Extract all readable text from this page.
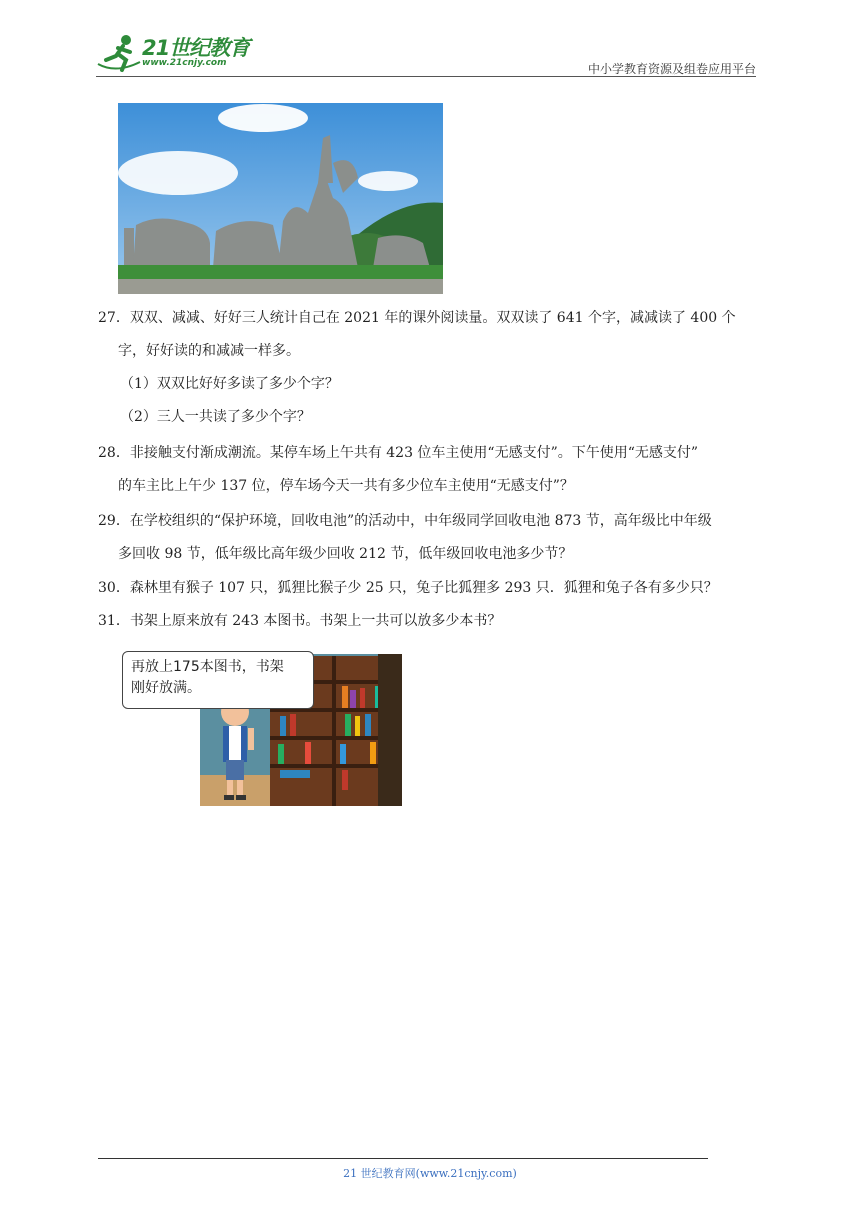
21世纪教育
www.21cnjy.com	中小学教育资源及组卷应用平台
27．双双、减减、好好三人统计自己在 2021 年的课外阅读量。双双读了 641 个字，减减读了 400 个
字，好好读的和减减一样多。
（1）双双比好好多读了多少个字？
（2）三人一共读了多少个字？
28．非接触支付渐成潮流。某停车场上午共有 423 位车主使用“无感支付”。下午使用“无感支付”
的车主比上午少 137 位，停车场今天一共有多少位车主使用“无感支付”？
29．在学校组织的“保护环境，回收电池”的活动中，中年级同学回收电池 873 节，高年级比中年级
多回收 98 节，低年级比高年级少回收 212 节，低年级回收电池多少节？
30．森林里有猴子 107 只，狐狸比猴子少 25 只，兔子比狐狸多 293 只．狐狸和兔子各有多少只？
31．书架上原来放有 243 本图书。书架上一共可以放多少本书？
再放上175本图书，书架
刚好放满。
21 世纪教育网(www.21cnjy.com)
